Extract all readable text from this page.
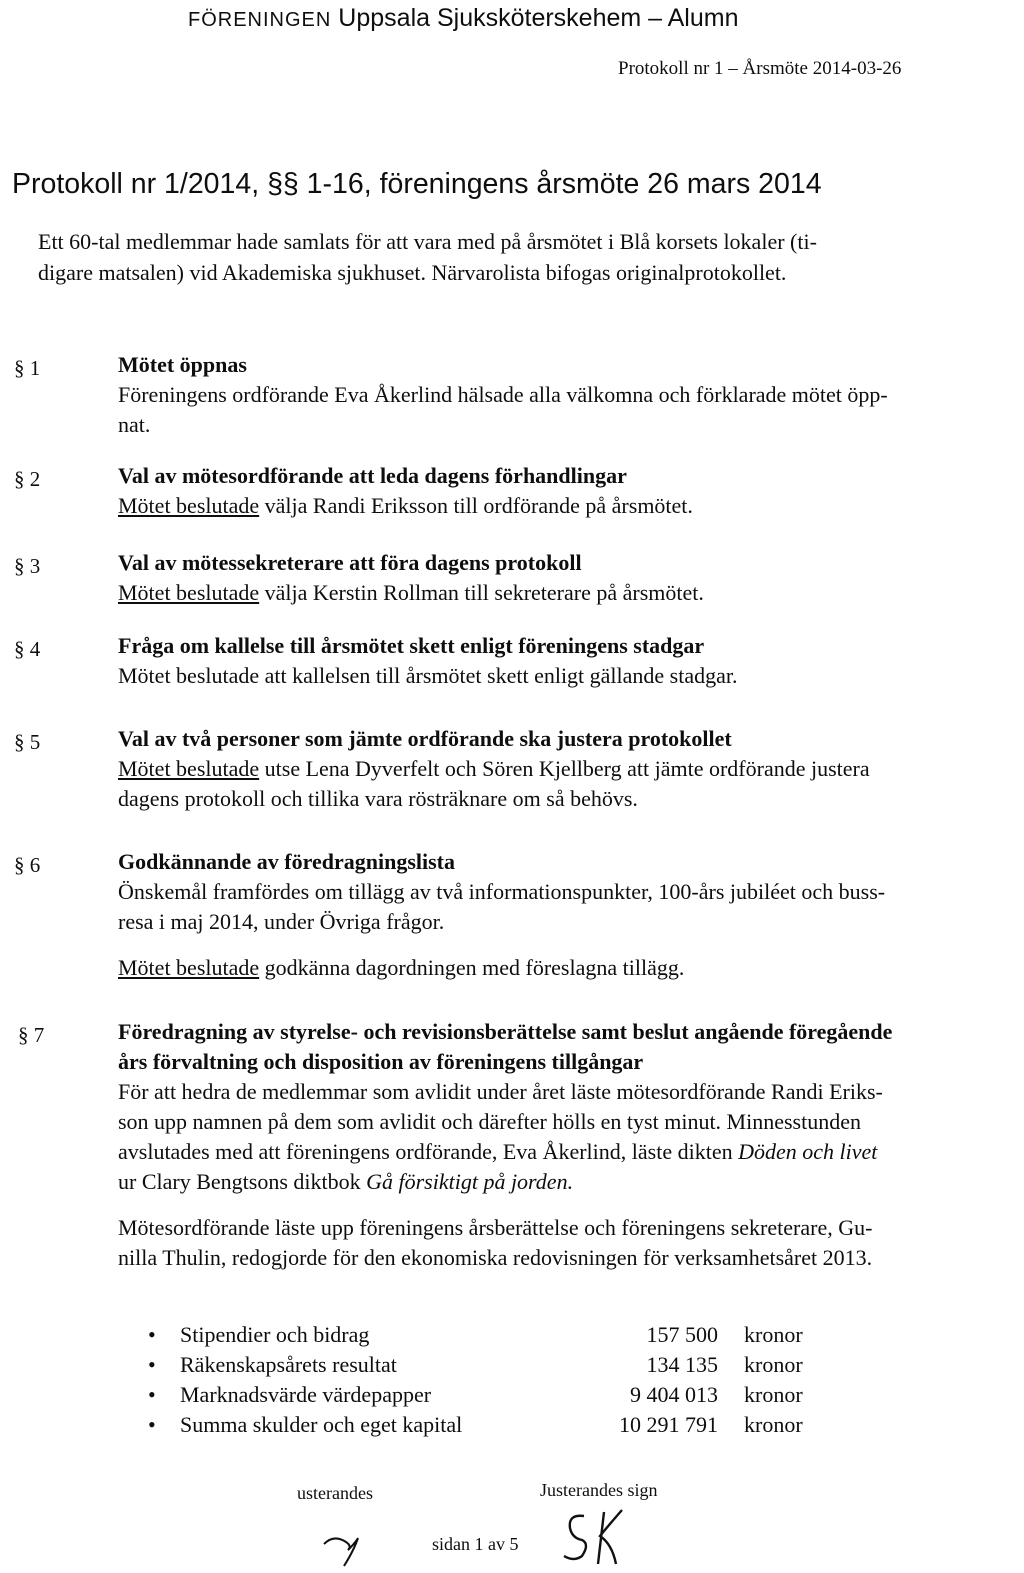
FÖRENINGEN Uppsala Sjuksköterskehem – Alumn
Protokoll nr 1 – Årsmöte 2014-03-26
Protokoll nr 1/2014, §§ 1-16, föreningens årsmöte 26 mars 2014

Ett 60-tal medlemmar hade samlats för att vara med på årsmötet i Blå korsets lokaler (ti-

digare matsalen) vid Akademiska sjukhuset. Närvarolista bifogas originalprotokollet.

§ 1	Mötet öppnas
Föreningens ordförande Eva Åkerlind hälsade alla välkomna och förklarade mötet öpp-
nat.
§ 2	Val av mötesordförande att leda dagens förhandlingar
Mötet beslutade välja Randi Eriksson till ordförande på årsmötet.
§ 3	Val av mötessekreterare att föra dagens protokoll
Mötet beslutade välja Kerstin Rollman till sekreterare på årsmötet.
§ 4	Fråga om kallelse till årsmötet skett enligt föreningens stadgar
Mötet beslutade att kallelsen till årsmötet skett enligt gällande stadgar.
§ 5	Val av två personer som jämte ordförande ska justera protokollet
Mötet beslutade utse Lena Dyverfelt och Sören Kjellberg att jämte ordförande justera
dagens protokoll och tillika vara rösträknare om så behövs.
§ 6	Godkännande av föredragningslista
Önskemål framfördes om tillägg av två informationspunkter, 100-års jubiléet och buss-
resa i maj 2014, under Övriga frågor.

Mötet beslutade godkänna dagordningen med föreslagna tillägg.
§ 7	Föredragning av styrelse- och revisionsberättelse samt beslut angående föregående
års förvaltning och disposition av föreningens tillgångar
För att hedra de medlemmar som avlidit under året läste mötesordförande Randi Eriks-
son upp namnen på dem som avlidit och därefter hölls en tyst minut. Minnesstunden
avslutades med att föreningens ordförande, Eva Åkerlind, läste dikten Döden och livet
ur Clary Bengtsons diktbok Gå försiktigt på jorden.

Mötesordförande läste upp föreningens årsberättelse och föreningens sekreterare, Gu-
nilla Thulin, redogjorde för den ekonomiska redovisningen för verksamhetsåret 2013.
• Stipendier och bidrag	157 500 kronor
• Räkenskapsårets resultat	134 135 kronor
• Marknadsvärde värdepapper	9 404 013 kronor
• Summa skulder och eget kapital	10 291 791 kronor
usterandes	Justerandes sign
sidan 1 av 5
